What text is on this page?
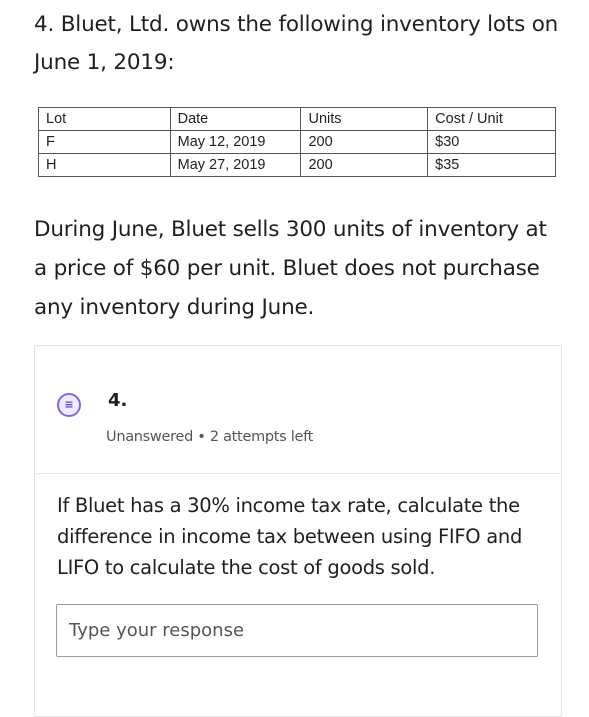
4. Bluet, Ltd. owns the following inventory lots on June 1, 2019:
Lot	Date	Units	Cost / Unit
F	May 12, 2019	200	$30
H	May 27, 2019	200	$35
During June, Bluet sells 300 units of inventory at a price of $60 per unit. Bluet does not purchase any inventory during June.
≡	4.
Unanswered • 2 attempts left
If Bluet has a 30% income tax rate, calculate the difference in income tax between using FIFO and LIFO to calculate the cost of goods sold.
Type your response
